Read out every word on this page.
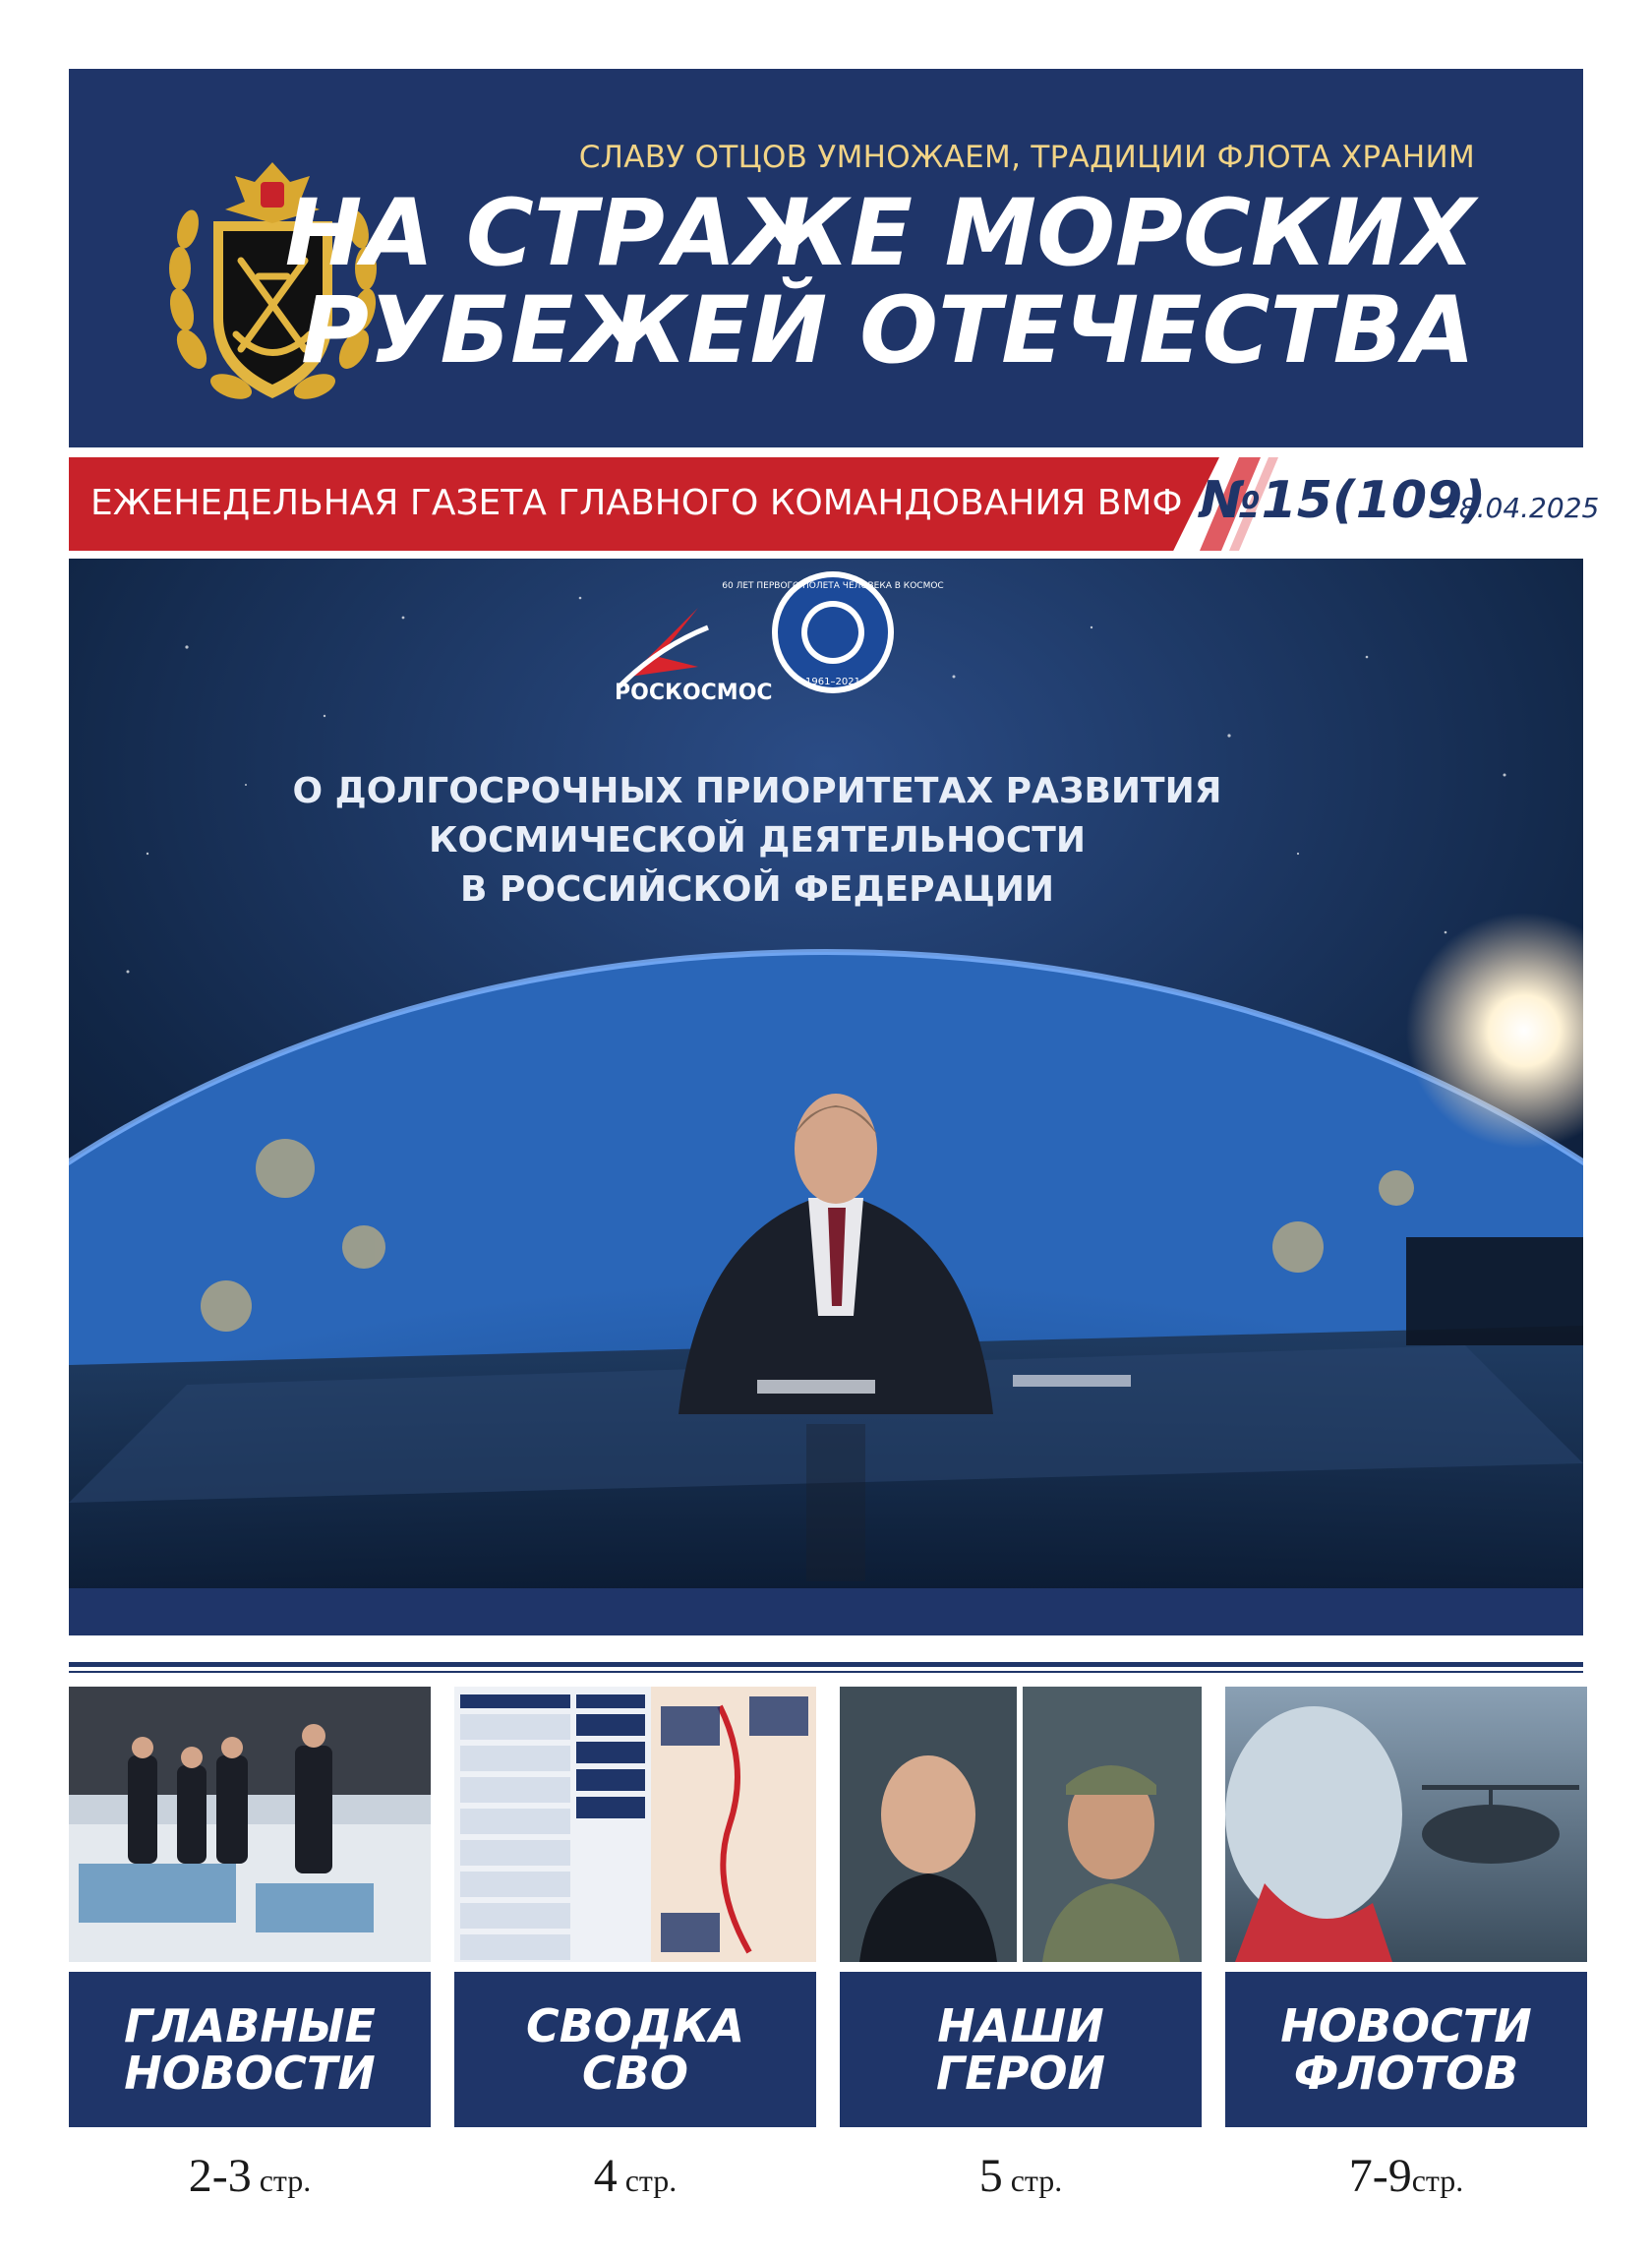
СЛАВУ ОТЦОВ УМНОЖАЕМ, ТРАДИЦИИ ФЛОТА ХРАНИМ
НА СТРАЖЕ МОРСКИХ
РУБЕЖЕЙ ОТЕЧЕСТВА
ЕЖЕНЕДЕЛЬНАЯ ГАЗЕТА ГЛАВНОГО КОМАНДОВАНИЯ ВМФ №15(109)
18.04.2025
РОСКОСМОС
60 ЛЕТ ПЕРВОГО ПОЛЕТА ЧЕЛОВЕКА В КОСМОС
1961–2021
О ДОЛГОСРОЧНЫХ ПРИОРИТЕТАХ РАЗВИТИЯ
КОСМИЧЕСКОЙ ДЕЯТЕЛЬНОСТИ
В РОССИЙСКОЙ ФЕДЕРАЦИИ
ГЛАВНЫЕ
НОВОСТИ
2-3 стр.
СВОДКА
СВО
4 стр.
НАШИ
ГЕРОИ
5 стр.
НОВОСТИ
ФЛОТОВ
7-9стр.
